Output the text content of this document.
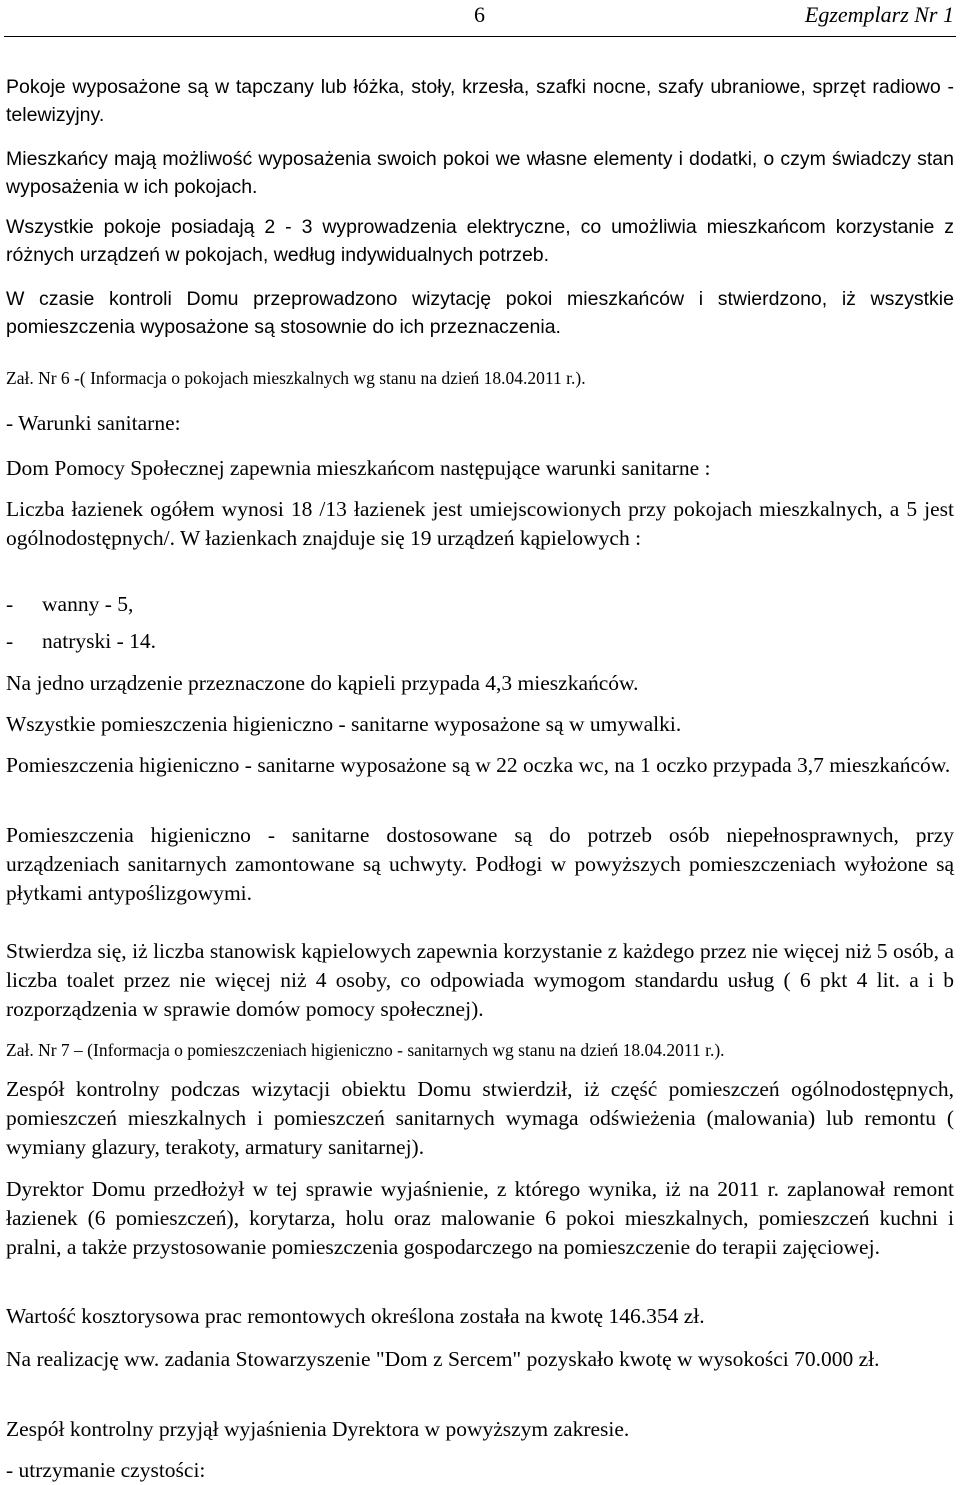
6	Egzemplarz Nr 1

Pokoje wyposażone są w tapczany lub łóżka, stoły, krzesła, szafki nocne, szafy ubraniowe, sprzęt radiowo - telewizyjny.

Mieszkańcy mają możliwość wyposażenia swoich pokoi we własne elementy i dodatki, o czym świadczy stan wyposażenia w ich pokojach.

Wszystkie pokoje posiadają 2 - 3 wyprowadzenia elektryczne, co umożliwia mieszkańcom korzystanie z różnych urządzeń w pokojach, według indywidualnych potrzeb.

W czasie kontroli Domu przeprowadzono wizytację pokoi mieszkańców i stwierdzono, iż wszystkie pomieszczenia wyposażone są stosownie do ich przeznaczenia.

Zał. Nr 6 -( Informacja o pokojach mieszkalnych wg stanu na dzień 18.04.2011 r.).

- Warunki sanitarne:

Dom Pomocy Społecznej zapewnia mieszkańcom następujące warunki sanitarne :

Liczba łazienek ogółem wynosi 18 /13 łazienek jest umiejscowionych przy pokojach mieszkalnych, a 5 jest ogólnodostępnych/. W łazienkach znajduje się 19 urządzeń kąpielowych :

- wanny - 5,
- natryski - 14.

Na jedno urządzenie przeznaczone do kąpieli przypada 4,3 mieszkańców.

Wszystkie pomieszczenia higieniczno - sanitarne wyposażone są w umywalki.

Pomieszczenia higieniczno - sanitarne wyposażone są w 22 oczka wc, na 1 oczko przypada 3,7 mieszkańców.

Pomieszczenia higieniczno - sanitarne dostosowane są do potrzeb osób niepełnosprawnych, przy urządzeniach sanitarnych zamontowane są uchwyty. Podłogi w powyższych pomieszczeniach wyłożone są płytkami antypoślizgowymi.

Stwierdza się, iż liczba stanowisk kąpielowych zapewnia korzystanie z każdego przez nie więcej niż 5 osób, a liczba toalet przez nie więcej niż 4 osoby, co odpowiada wymogom standardu usług ( 6 pkt 4 lit. a i b rozporządzenia w sprawie domów pomocy społecznej).

Zał. Nr 7 – (Informacja o pomieszczeniach higieniczno - sanitarnych wg stanu na dzień 18.04.2011 r.).

Zespół kontrolny podczas wizytacji obiektu Domu stwierdził, iż część pomieszczeń ogólnodostępnych, pomieszczeń mieszkalnych i pomieszczeń sanitarnych wymaga odświeżenia (malowania) lub remontu ( wymiany glazury, terakoty, armatury sanitarnej).

Dyrektor Domu przedłożył w tej sprawie wyjaśnienie, z którego wynika, iż na 2011 r. zaplanował remont łazienek (6 pomieszczeń), korytarza, holu oraz malowanie 6 pokoi mieszkalnych, pomieszczeń kuchni i pralni, a także przystosowanie pomieszczenia gospodarczego na pomieszczenie do terapii zajęciowej.

Wartość kosztorysowa prac remontowych określona została na kwotę 146.354 zł.

Na realizację ww. zadania Stowarzyszenie "Dom z Sercem" pozyskało kwotę w wysokości 70.000 zł.

Zespół kontrolny przyjął wyjaśnienia Dyrektora w powyższym zakresie.

- utrzymanie czystości:
